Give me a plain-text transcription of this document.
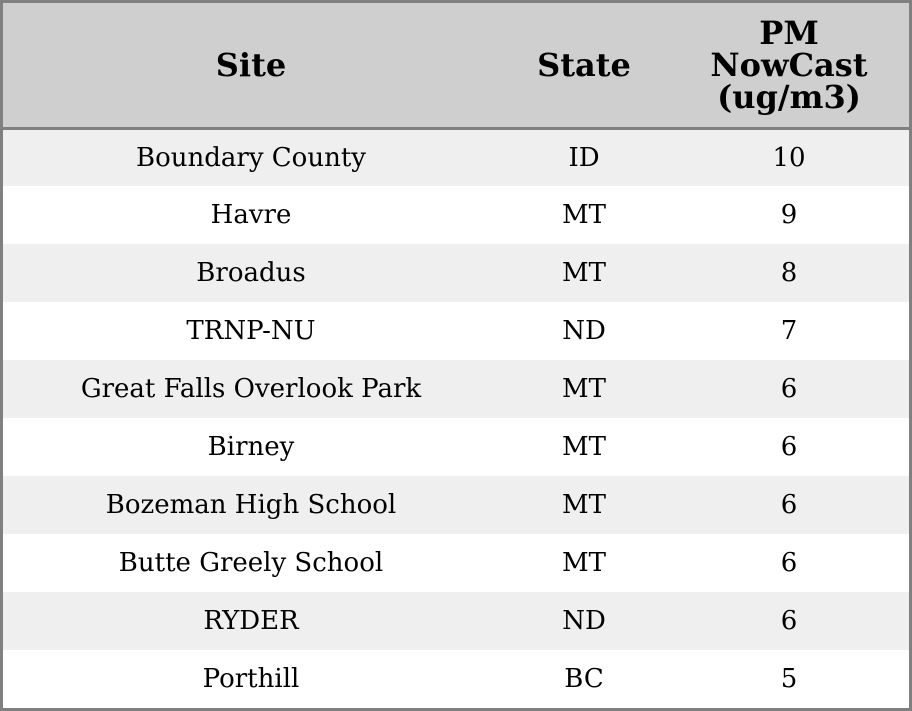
Site	State	PM
NowCast
(ug/m3)

Boundary County	ID	10
Havre	MT	9
Broadus	MT	8
TRNP-NU	ND	7
Great Falls Overlook Park	MT	6
Birney	MT	6
Bozeman High School	MT	6
Butte Greely School	MT	6
RYDER	ND	6
Porthill	BC	5
